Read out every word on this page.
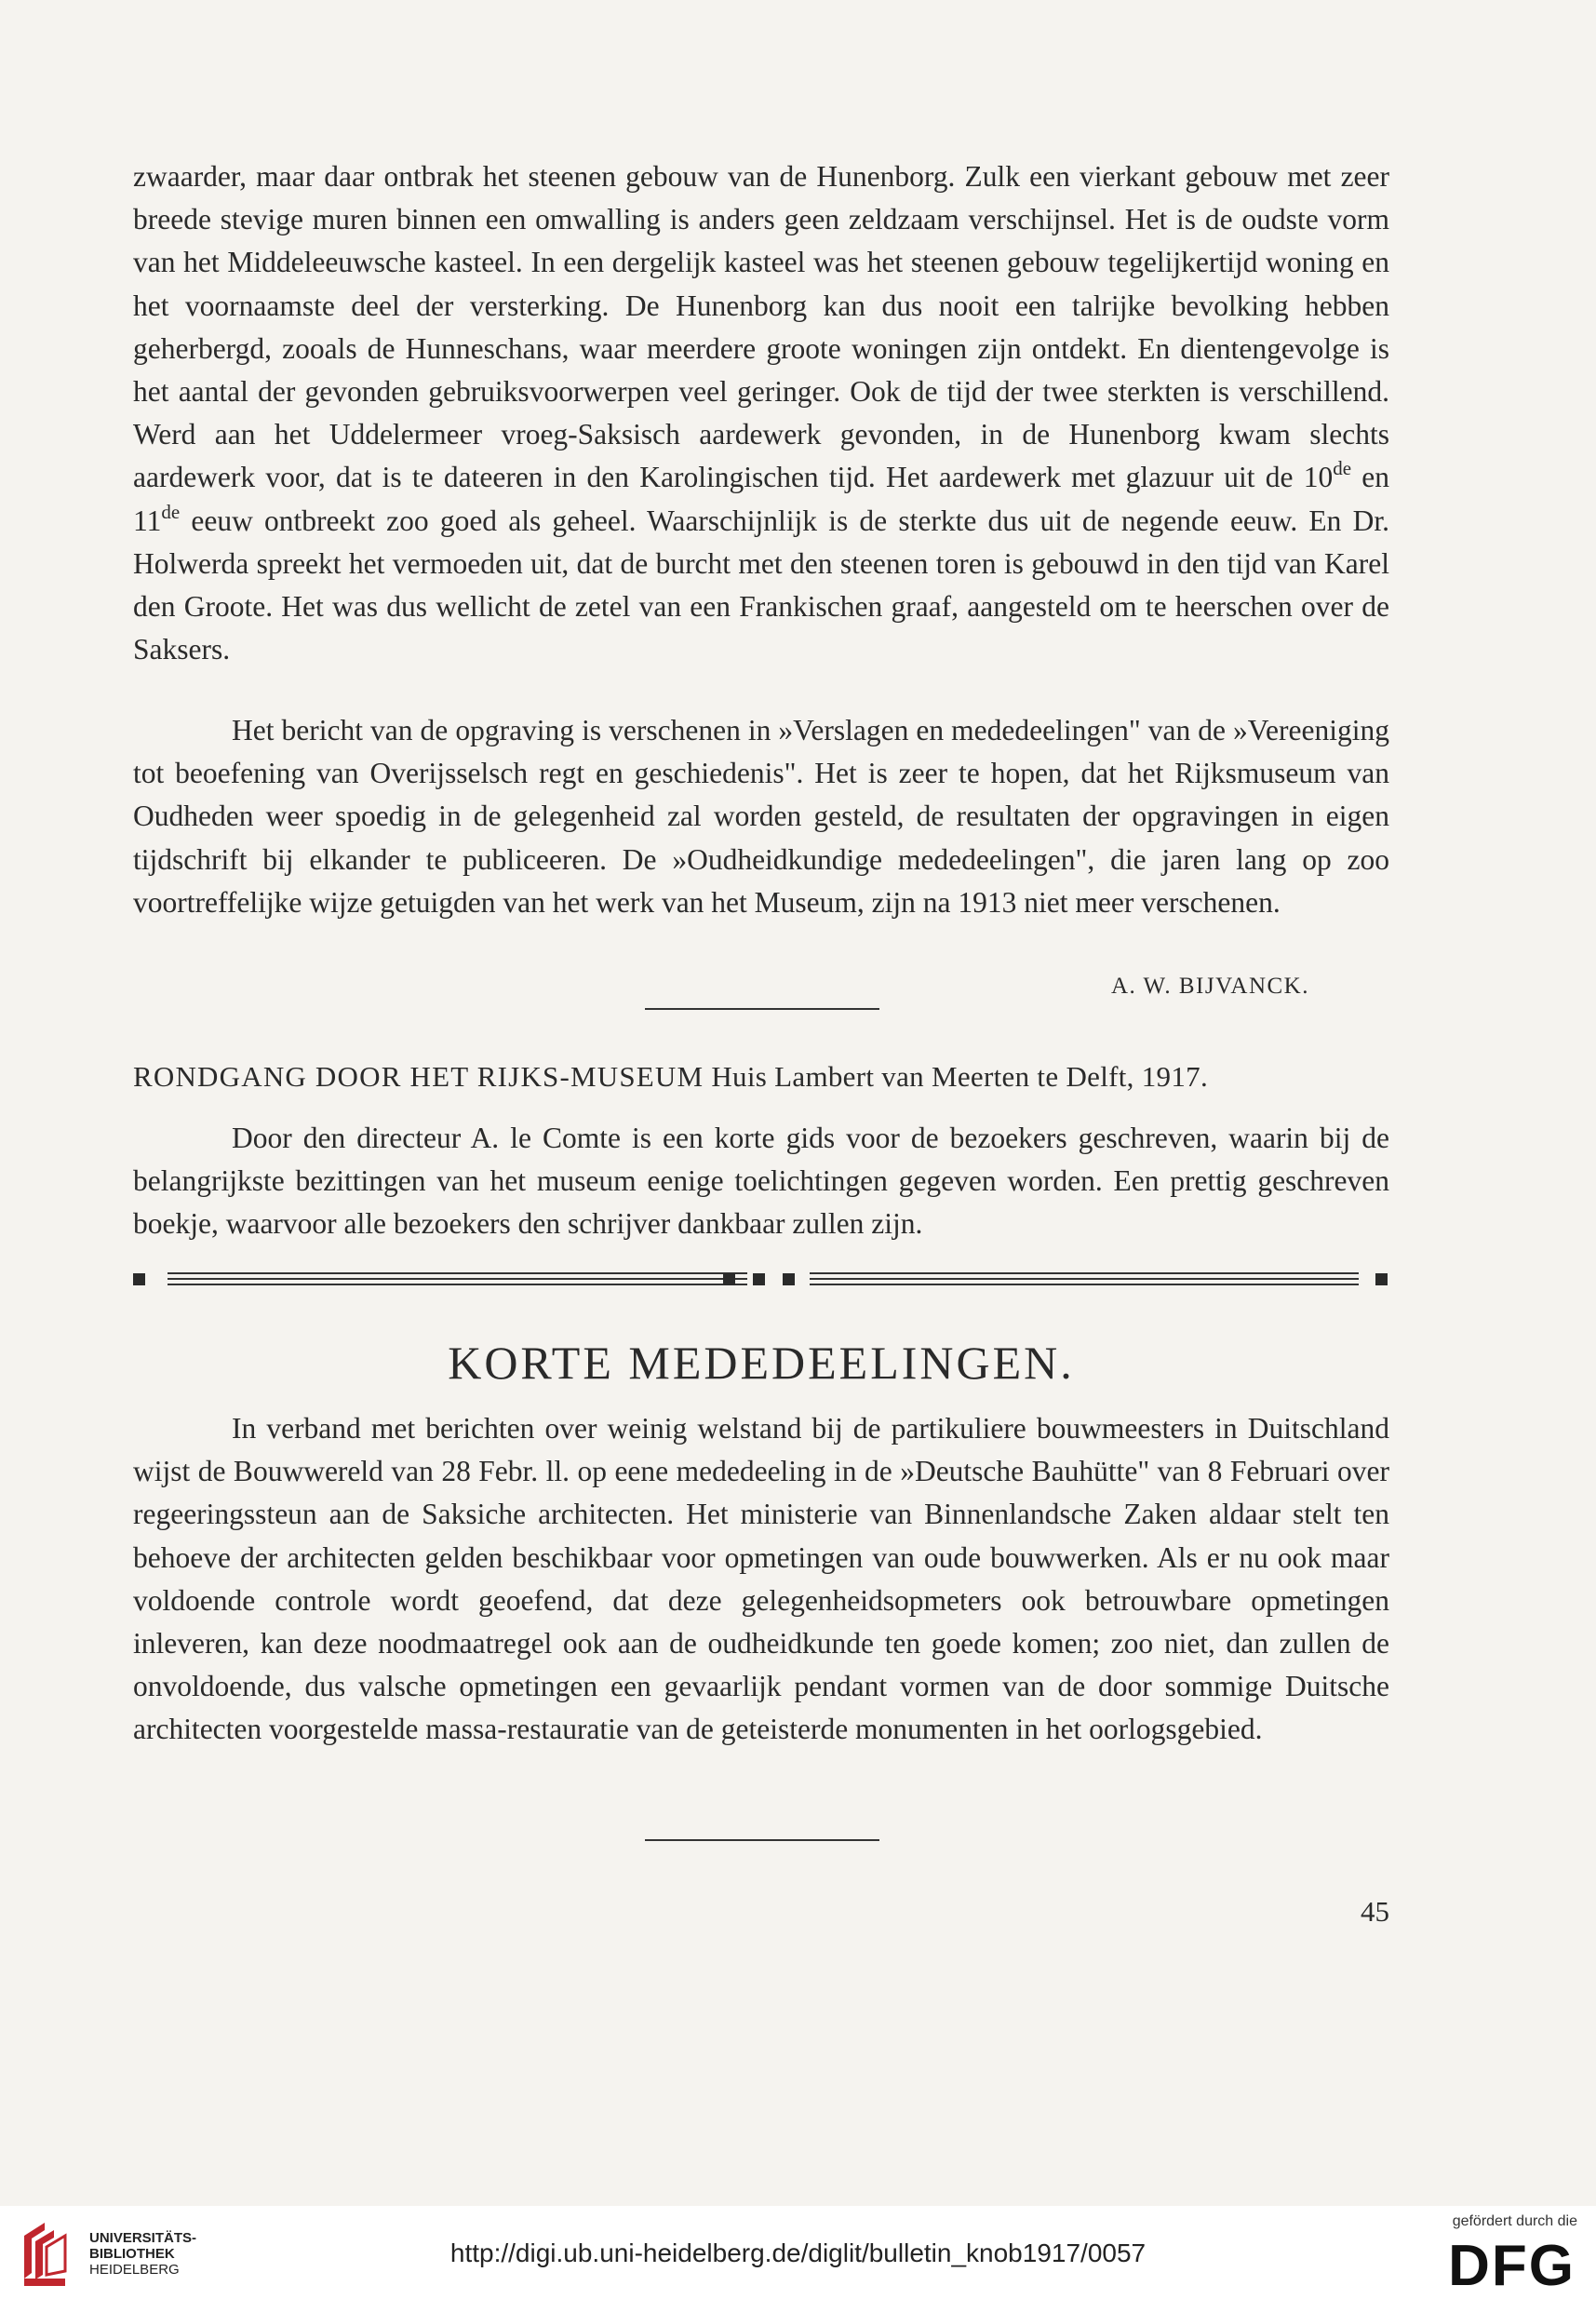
zwaarder, maar daar ontbrak het steenen gebouw van de Hunenborg. Zulk een vierkant gebouw met zeer breede stevige muren binnen een omwalling is anders geen zeldzaam verschijnsel. Het is de oudste vorm van het Middeleeuwsche kasteel. In een dergelijk kasteel was het steenen gebouw tegelijkertijd woning en het voornaamste deel der versterking. De Hunenborg kan dus nooit een talrijke bevolking hebben geherbergd, zooals de Hunneschans, waar meerdere groote woningen zijn ontdekt. En dientengevolge is het aantal der gevonden gebruiksvoorwerpen veel geringer. Ook de tijd der twee sterkten is verschillend. Werd aan het Uddelermeer vroeg-Saksisch aardewerk gevonden, in de Hunenborg kwam slechts aardewerk voor, dat is te dateeren in den Karolingischen tijd. Het aardewerk met glazuur uit de 10de en 11de eeuw ontbreekt zoo goed als geheel. Waarschijnlijk is de sterkte dus uit de negende eeuw. En Dr. Holwerda spreekt het vermoeden uit, dat de burcht met den steenen toren is gebouwd in den tijd van Karel den Groote. Het was dus wellicht de zetel van een Frankischen graaf, aangesteld om te heerschen over de Saksers.

Het bericht van de opgraving is verschenen in »Verslagen en mededeelingen" van de »Vereeniging tot beoefening van Overijsselsch regt en geschiedenis". Het is zeer te hopen, dat het Rijksmuseum van Oudheden weer spoedig in de gelegenheid zal worden gesteld, de resultaten der opgravingen in eigen tijdschrift bij elkander te publiceeren. De »Oudheidkundige mededeelingen", die jaren lang op zoo voortreffelijke wijze getuigden van het werk van het Museum, zijn na 1913 niet meer verschenen.

A. W. BIJVANCK.
RONDGANG DOOR HET RIJKS-MUSEUM Huis Lambert van Meerten te Delft, 1917.

Door den directeur A. le Comte is een korte gids voor de bezoekers geschreven, waarin bij de belangrijkste bezittingen van het museum eenige toelichtingen gegeven worden. Een prettig geschreven boekje, waarvoor alle bezoekers den schrijver dankbaar zullen zijn.

KORTE MEDEDEELINGEN.

In verband met berichten over weinig welstand bij de partikuliere bouwmeesters in Duitschland wijst de Bouwwereld van 28 Febr. ll. op eene mededeeling in de »Deutsche Bauhütte" van 8 Februari over regeeringssteun aan de Saksiche architecten. Het ministerie van Binnenlandsche Zaken aldaar stelt ten behoeve der architecten gelden beschikbaar voor opmetingen van oude bouwwerken. Als er nu ook maar voldoende controle wordt geoefend, dat deze gelegenheidsopmeters ook betrouwbare opmetingen inleveren, kan deze noodmaatregel ook aan de oudheidkunde ten goede komen; zoo niet, dan zullen de onvoldoende, dus valsche opmetingen een gevaarlijk pendant vormen van de door sommige Duitsche architecten voorgestelde massa-restauratie van de geteisterde monumenten in het oorlogsgebied.

45
UNIVERSITÄTS-
BIBLIOTHEK
HEIDELBERG
http://digi.ub.uni-heidelberg.de/diglit/bulletin_knob1917/0057
gefördert durch die
DFG
